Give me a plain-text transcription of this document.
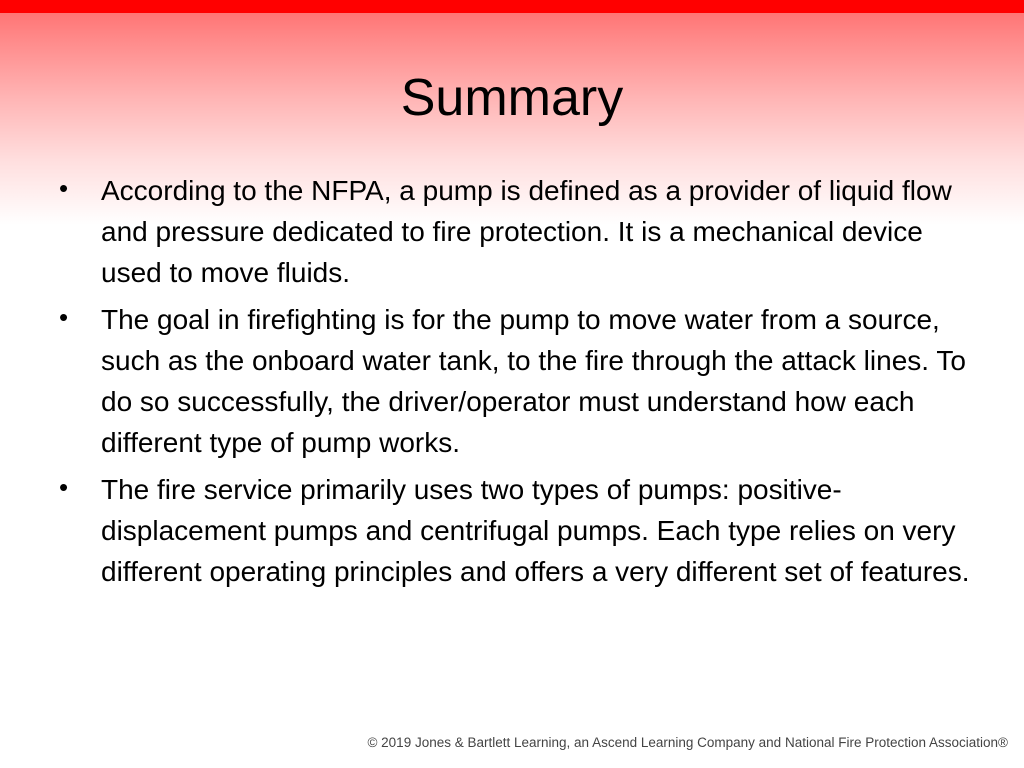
Summary
• According to the NFPA, a pump is defined as a provider of liquid flow and pressure dedicated to fire protection. It is a mechanical device used to move fluids.
• The goal in firefighting is for the pump to move water from a source, such as the onboard water tank, to the fire through the attack lines. To do so successfully, the driver/operator must understand how each different type of pump works.
• The fire service primarily uses two types of pumps: positive-displacement pumps and centrifugal pumps. Each type relies on very different operating principles and offers a very different set of features.
© 2019 Jones & Bartlett Learning, an Ascend Learning Company and National Fire Protection Association®
